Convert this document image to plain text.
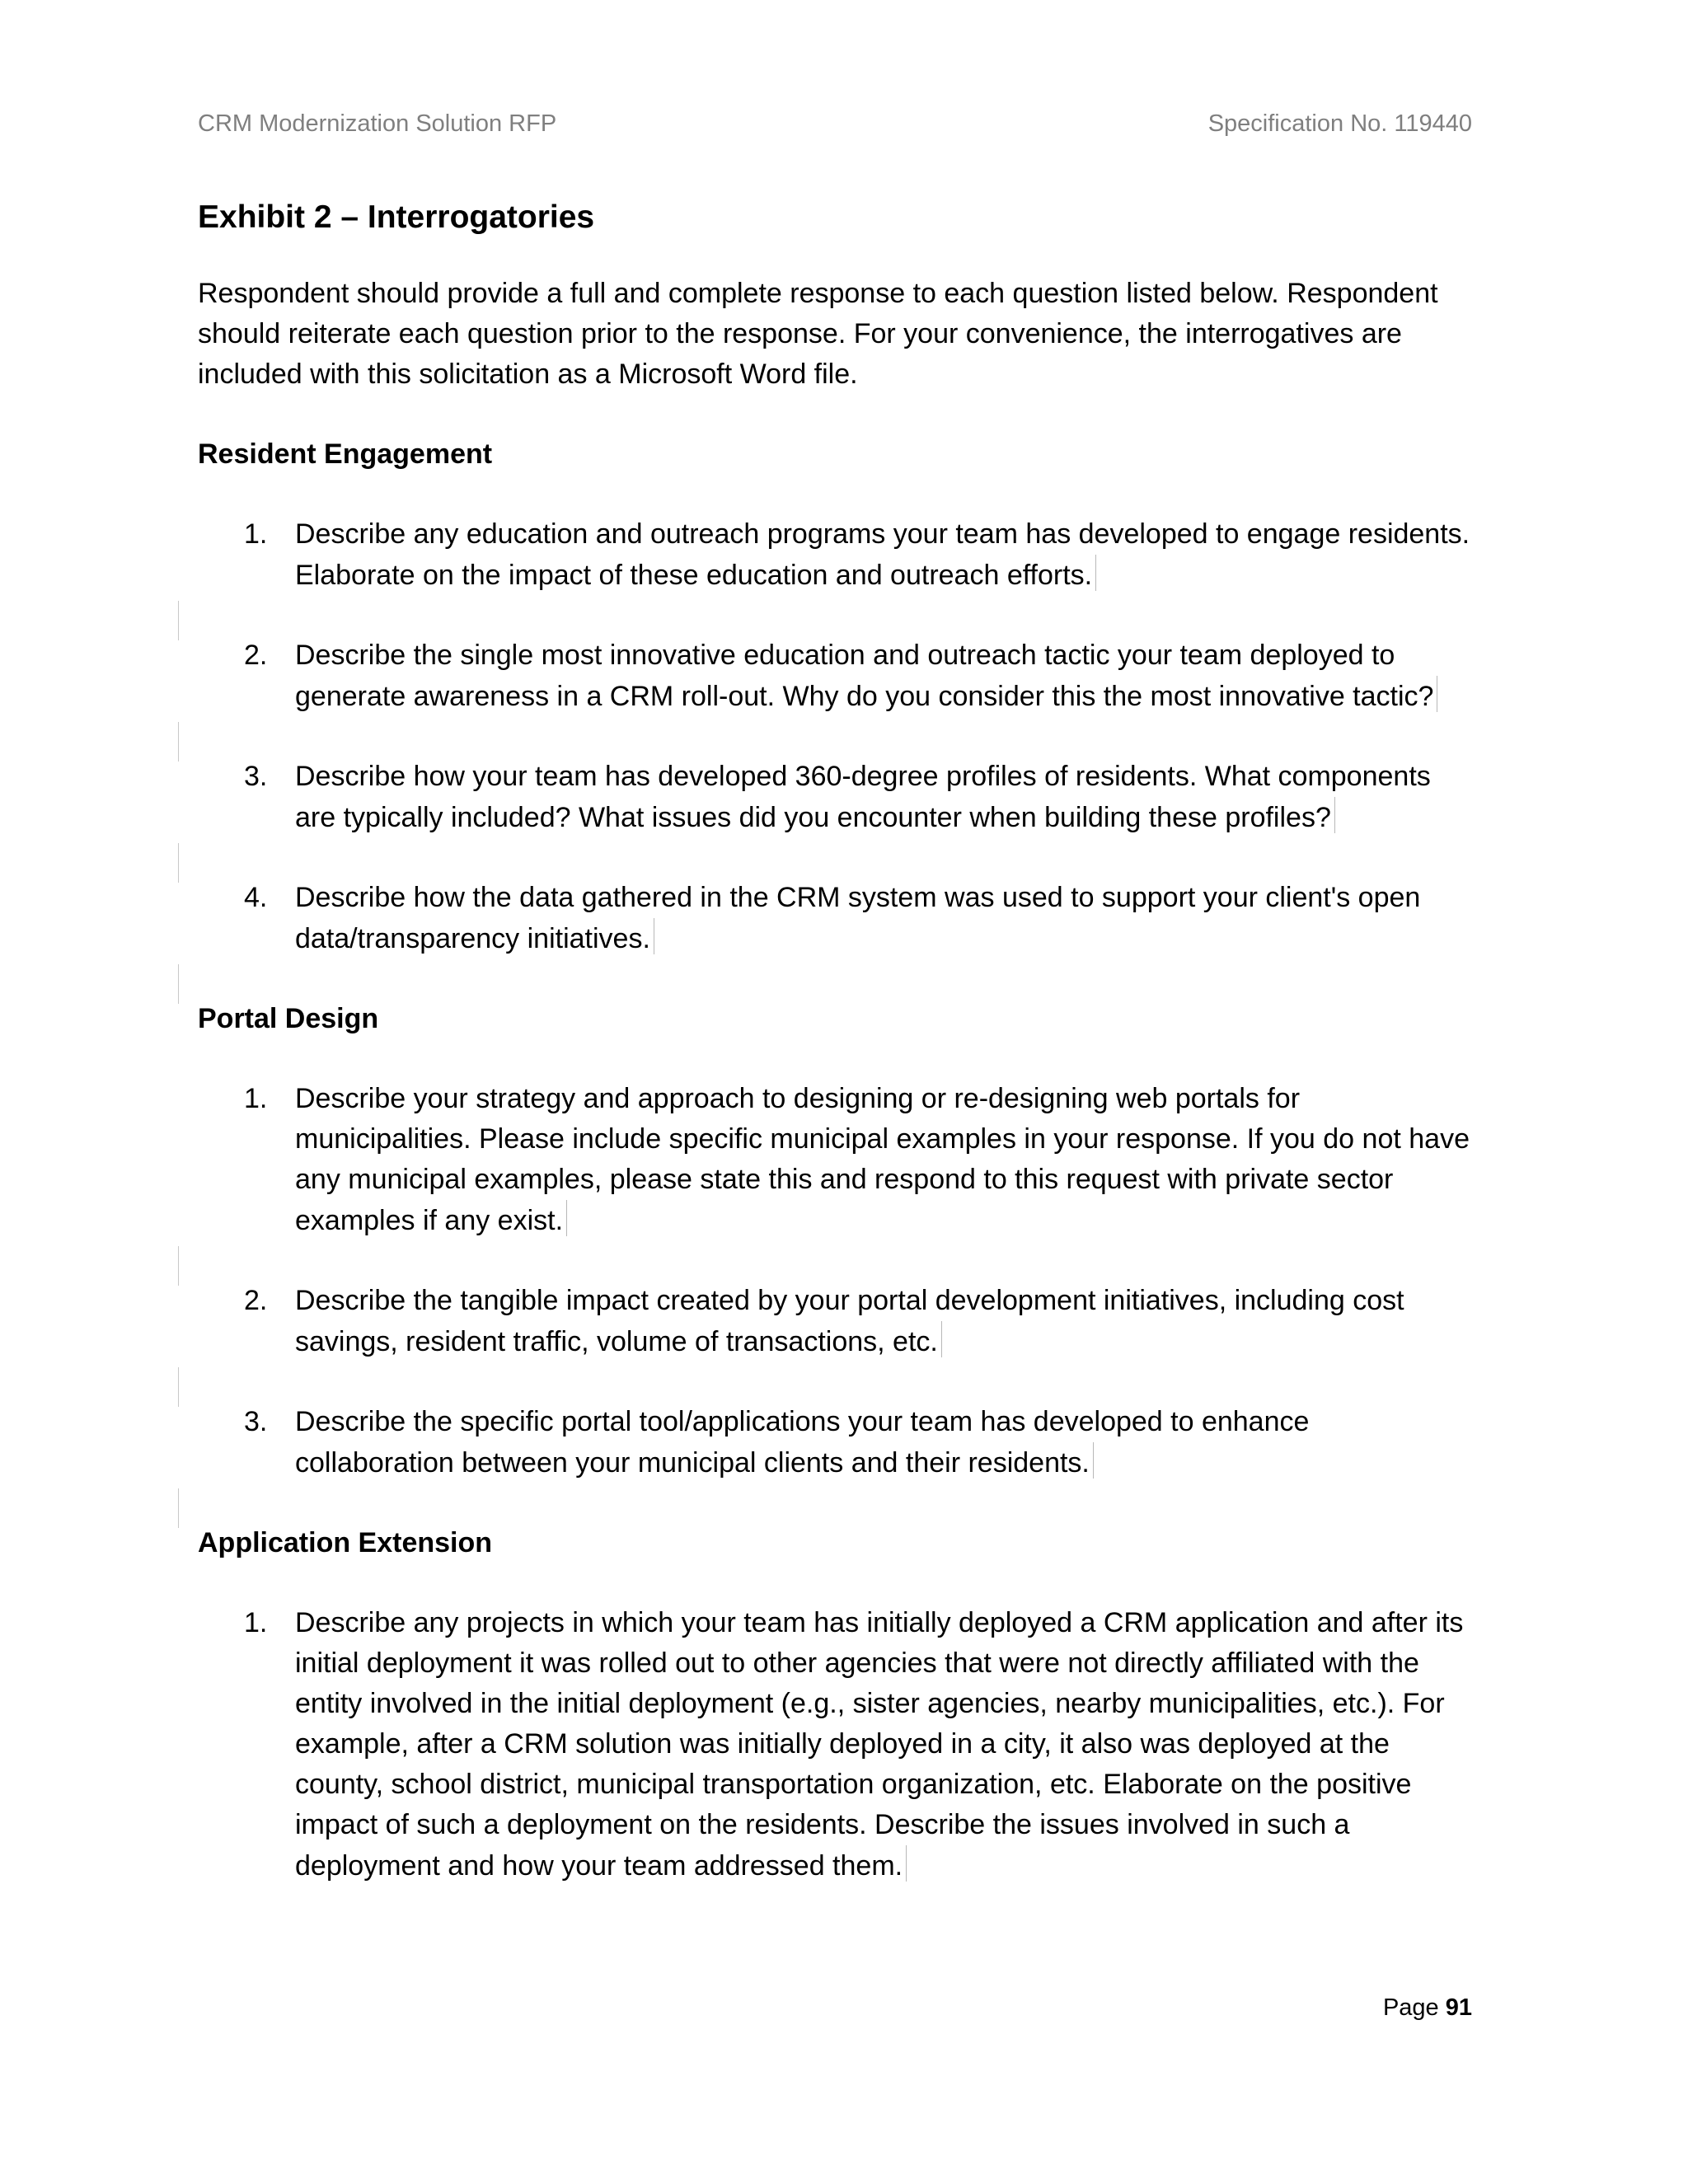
CRM Modernization Solution RFP	Specification No. 119440
Exhibit 2 – Interrogatories
Respondent should provide a full and complete response to each question listed below. Respondent should reiterate each question prior to the response. For your convenience, the interrogatives are included with this solicitation as a Microsoft Word file.
Resident Engagement
1. Describe any education and outreach programs your team has developed to engage residents. Elaborate on the impact of these education and outreach efforts.
2. Describe the single most innovative education and outreach tactic your team deployed to generate awareness in a CRM roll-out. Why do you consider this the most innovative tactic?
3. Describe how your team has developed 360-degree profiles of residents. What components are typically included? What issues did you encounter when building these profiles?
4. Describe how the data gathered in the CRM system was used to support your client's open data/transparency initiatives.
Portal Design
1. Describe your strategy and approach to designing or re-designing web portals for municipalities. Please include specific municipal examples in your response. If you do not have any municipal examples, please state this and respond to this request with private sector examples if any exist.
2. Describe the tangible impact created by your portal development initiatives, including cost savings, resident traffic, volume of transactions, etc.
3. Describe the specific portal tool/applications your team has developed to enhance collaboration between your municipal clients and their residents.
Application Extension
1. Describe any projects in which your team has initially deployed a CRM application and after its initial deployment it was rolled out to other agencies that were not directly affiliated with the entity involved in the initial deployment (e.g., sister agencies, nearby municipalities, etc.). For example, after a CRM solution was initially deployed in a city, it also was deployed at the county, school district, municipal transportation organization, etc. Elaborate on the positive impact of such a deployment on the residents. Describe the issues involved in such a deployment and how your team addressed them.
Page 91
